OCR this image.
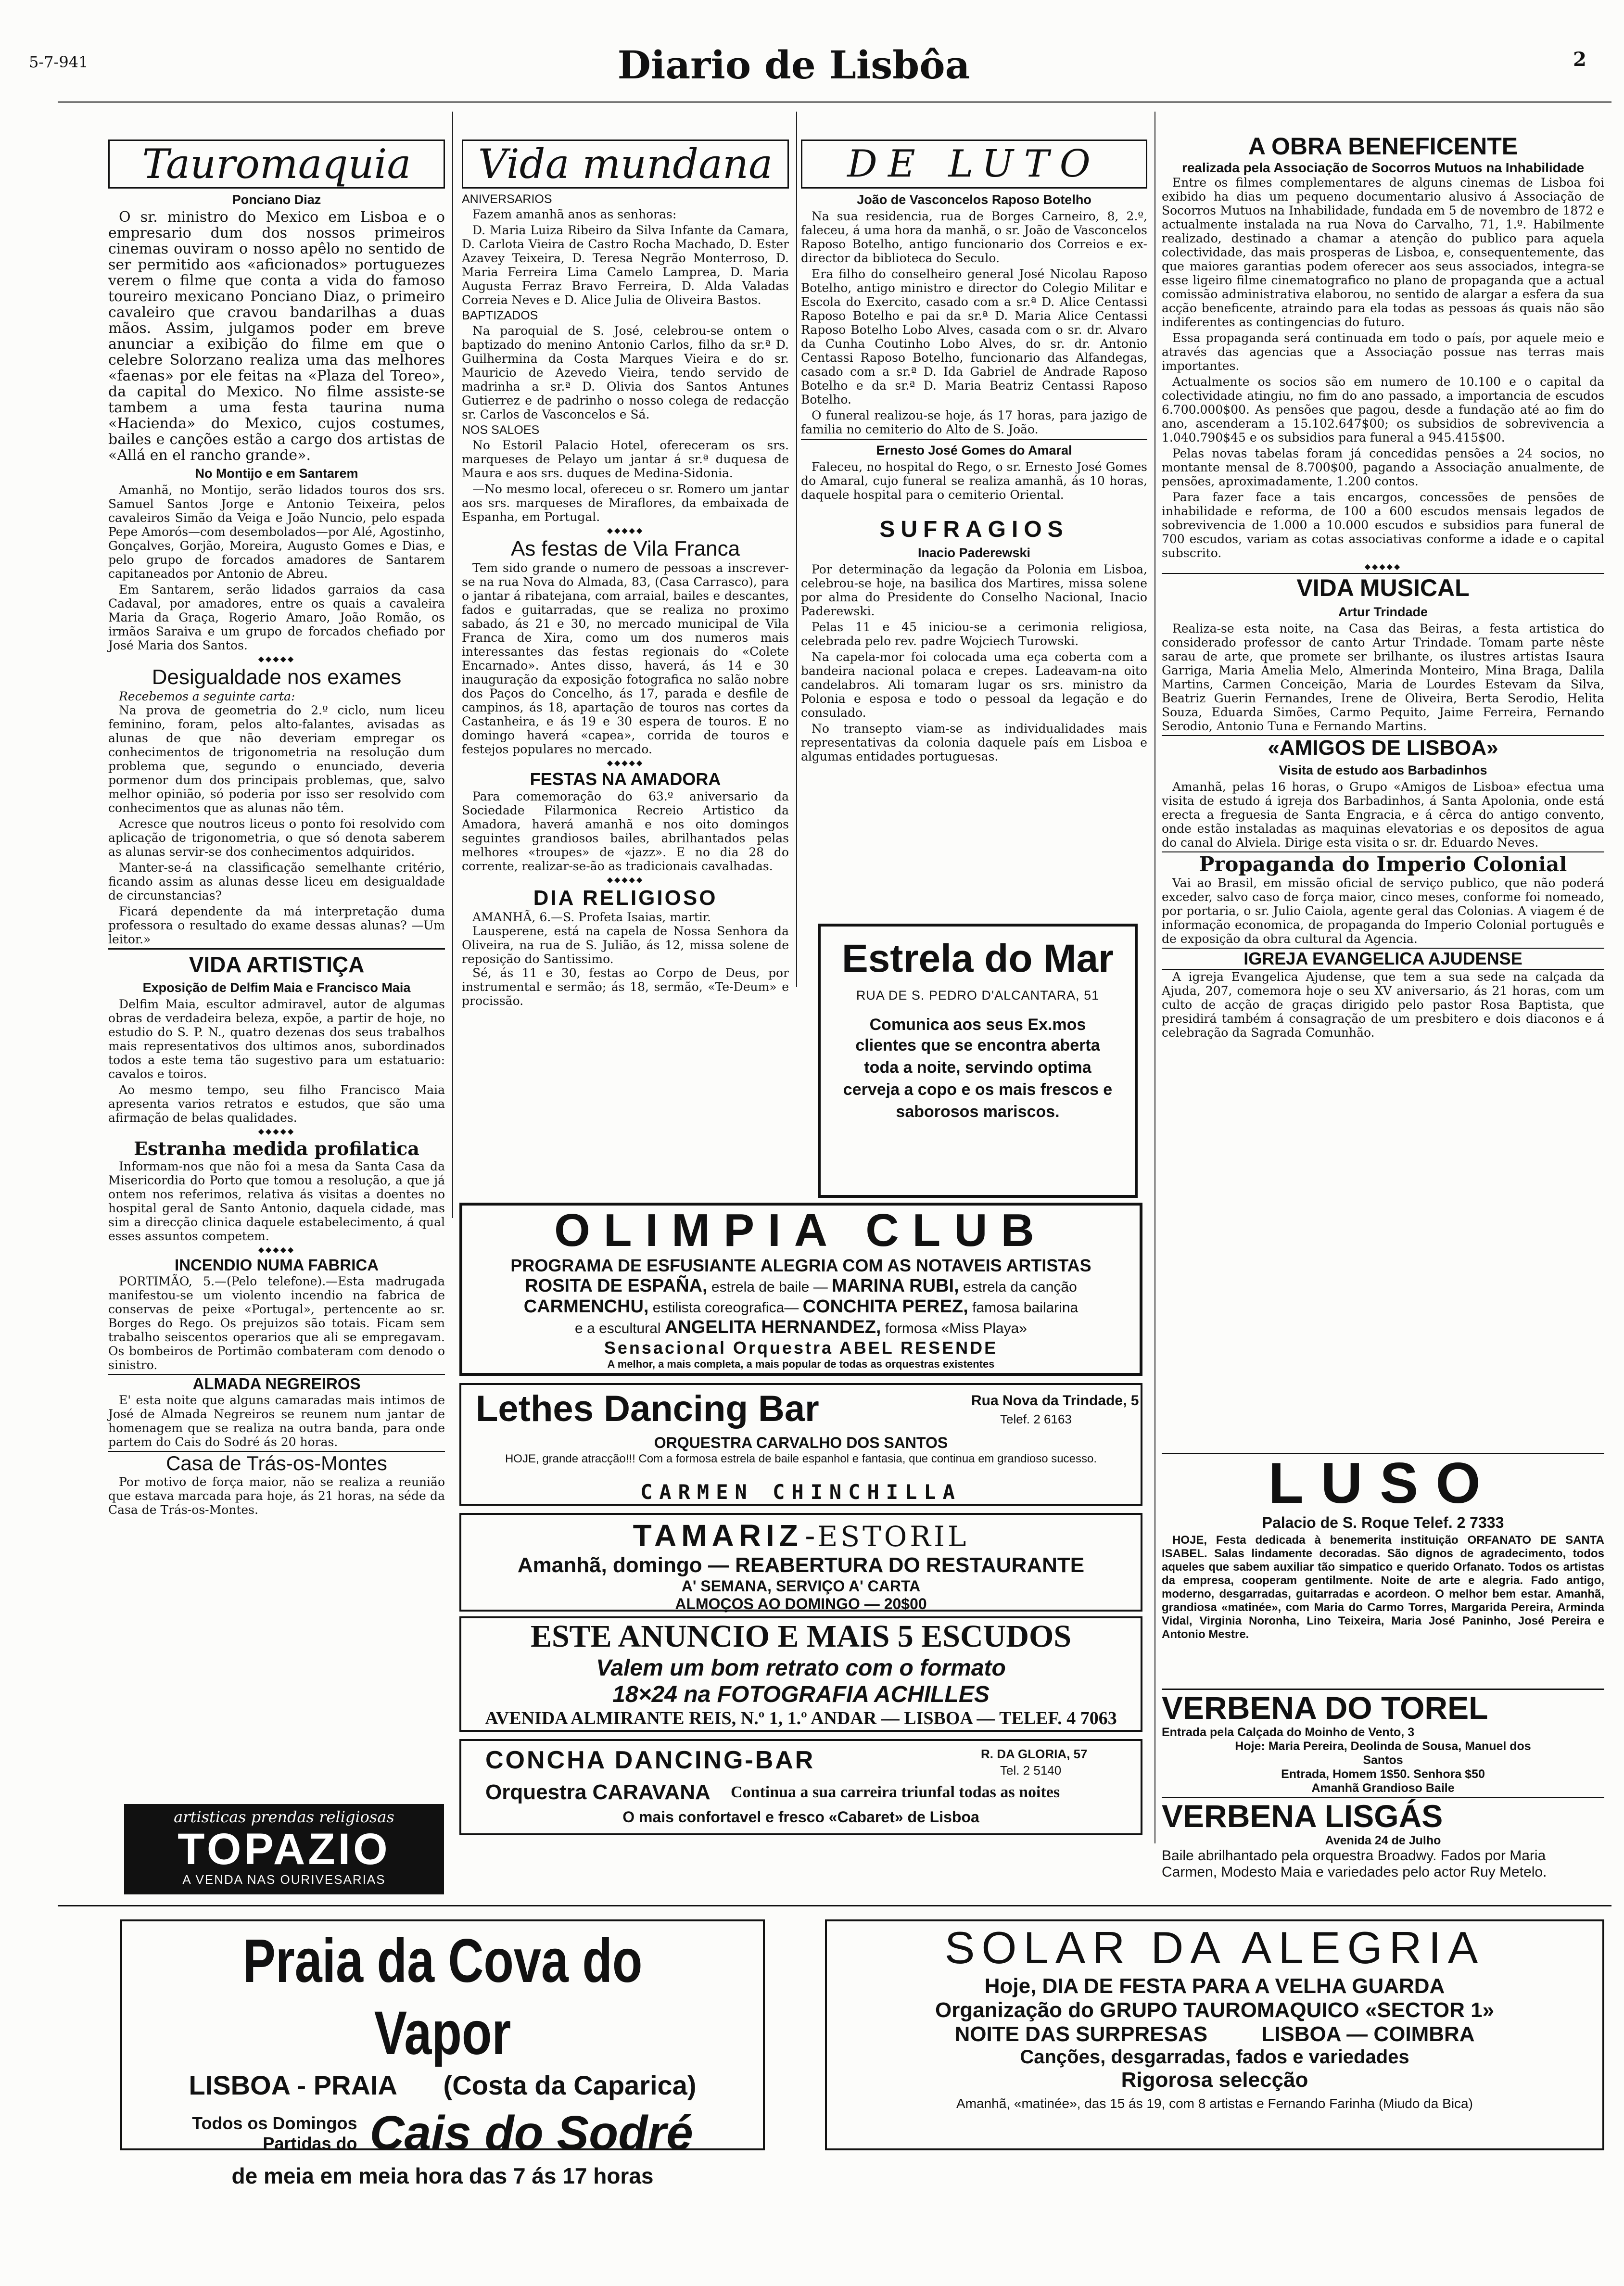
5-7-941	Diario de Lisbôa	2
Tauromaquia
Ponciano Diaz

O sr. ministro do Mexico em Lisboa e o empresario dum dos nossos primeiros cinemas ouviram o nosso apêlo no sentido de ser permitido aos «aficionados» portuguezes verem o filme que conta a vida do famoso toureiro mexicano Ponciano Diaz, o primeiro cavaleiro que cravou bandarilhas a duas mãos. Assim, julgamos poder em breve anunciar a exibição do filme em que o celebre Solorzano realiza uma das melhores «faenas» por ele feitas na «Plaza del Toreo», da capital do Mexico. No filme assiste-se tambem a uma festa taurina numa «Hacienda» do Mexico, cujos costumes, bailes e canções estão a cargo dos artistas de «Allá en el rancho grande».

No Montijo e em Santarem

Amanhã, no Montijo, serão lidados touros dos srs. Samuel Santos Jorge e Antonio Teixeira, pelos cavaleiros Simão da Veiga e João Nuncio, pelo espada Pepe Amorós—com desembolados—por Alé, Agostinho, Gonçalves, Gorjão, Moreira, Augusto Gomes e Dias, e pelo grupo de forcados amadores de Santarem capitaneados por Antonio de Abreu.

Em Santarem, serão lidados garraios da casa Cadaval, por amadores, entre os quais a cavaleira Maria da Graça, Rogerio Amaro, João Romão, os irmãos Saraiva e um grupo de forcados chefiado por José Maria dos Santos.

◆◆◆◆◆
Desigualdade nos exames

Recebemos a seguinte carta:

Na prova de geometria do 2.º ciclo, num liceu feminino, foram, pelos alto-falantes, avisadas as alunas de que não deveriam empregar os conhecimentos de trigonometria na resolução dum problema que, segundo o enunciado, deveria pormenor dum dos principais problemas, que, salvo melhor opinião, só poderia por isso ser resolvido com conhecimentos que as alunas não têm.

Acresce que noutros liceus o ponto foi resolvido com aplicação de trigonometria, o que só denota saberem as alunas servir-se dos conhecimentos adquiridos.

Manter-se-á na classificação semelhante critério, ficando assim as alunas desse liceu em desigualdade de circunstancias?

Ficará dependente da má interpretação duma professora o resultado do exame dessas alunas? —Um leitor.»

VIDA ARTISTIÇA
Exposição de Delfim Maia e Francisco Maia

Delfim Maia, escultor admiravel, autor de algumas obras de verdadeira beleza, expõe, a partir de hoje, no estudio do S. P. N., quatro dezenas dos seus trabalhos mais representativos dos ultimos anos, subordinados todos a este tema tão sugestivo para um estatuario: cavalos e toiros.

Ao mesmo tempo, seu filho Francisco Maia apresenta varios retratos e estudos, que são uma afirmação de belas qualidades.

◆◆◆◆◆
Estranha medida profilatica

Informam-nos que não foi a mesa da Santa Casa da Misericordia do Porto que tomou a resolução, a que já ontem nos referimos, relativa ás visitas a doentes no hospital geral de Santo Antonio, daquela cidade, mas sim a direcção clinica daquele estabelecimento, á qual esses assuntos competem.

◆◆◆◆◆
INCENDIO NUMA FABRICA

PORTIMÃO, 5.—(Pelo telefone).—Esta madrugada manifestou-se um violento incendio na fabrica de conservas de peixe «Portugal», pertencente ao sr. Borges do Rego. Os prejuizos são totais. Ficam sem trabalho seiscentos operarios que ali se empregavam. Os bombeiros de Portimão combateram com denodo o sinistro.

ALMADA NEGREIROS

E' esta noite que alguns camaradas mais intimos de José de Almada Negreiros se reunem num jantar de homenagem que se realiza na outra banda, para onde partem do Cais do Sodré ás 20 horas.

Casa de Trás-os-Montes

Por motivo de força maior, não se realiza a reunião que estava marcada para hoje, ás 21 horas, na séde da Casa de Trás-os-Montes.

artisticas prendas religiosas
TOPAZIO
A VENDA NAS OURIVESARIAS
Vida mundana
ANIVERSARIOS

Fazem amanhã anos as senhoras:

D. Maria Luiza Ribeiro da Silva Infante da Camara, D. Carlota Vieira de Castro Rocha Machado, D. Ester Azavey Teixeira, D. Teresa Negrão Monterroso, D. Maria Ferreira Lima Camelo Lamprea, D. Maria Augusta Ferraz Bravo Ferreira, D. Alda Valadas Correia Neves e D. Alice Julia de Oliveira Bastos.

BAPTIZADOS

Na paroquial de S. José, celebrou-se ontem o baptizado do menino Antonio Carlos, filho da sr.ª D. Guilhermina da Costa Marques Vieira e do sr. Mauricio de Azevedo Vieira, tendo servido de madrinha a sr.ª D. Olivia dos Santos Antunes Gutierrez e de padrinho o nosso colega de redacção sr. Carlos de Vasconcelos e Sá.

NOS SALOES

No Estoril Palacio Hotel, ofereceram os srs. marqueses de Pelayo um jantar á sr.ª duquesa de Maura e aos srs. duques de Medina-Sidonia.

—No mesmo local, ofereceu o sr. Romero um jantar aos srs. marqueses de Miraflores, da embaixada de Espanha, em Portugal.

◆◆◆◆◆
As festas de Vila Franca

Tem sido grande o numero de pessoas a inscrever-se na rua Nova do Almada, 83, (Casa Carrasco), para o jantar á ribatejana, com arraial, bailes e descantes, fados e guitarradas, que se realiza no proximo sabado, ás 21 e 30, no mercado municipal de Vila Franca de Xira, como um dos numeros mais interessantes das festas regionais do «Colete Encarnado». Antes disso, haverá, ás 14 e 30 inauguração da exposição fotografica no salão nobre dos Paços do Concelho, ás 17, parada e desfile de campinos, ás 18, apartação de touros nas cortes da Castanheira, e ás 19 e 30 espera de touros. E no domingo haverá «capea», corrida de touros e festejos populares no mercado.

◆◆◆◆◆
FESTAS NA AMADORA

Para comemoração do 63.º aniversario da Sociedade Filarmonica Recreio Artistico da Amadora, haverá amanhã e nos oito domingos seguintes grandiosos bailes, abrilhantados pelas melhores «troupes» de «jazz». E no dia 28 do corrente, realizar-se-ão as tradicionais cavalhadas.

◆◆◆◆◆
DIA RELIGIOSO

AMANHÃ, 6.—S. Profeta Isaias, martir.

Lausperene, está na capela de Nossa Senhora da Oliveira, na rua de S. Julião, ás 12, missa solene de reposição do Santissimo.

Sé, ás 11 e 30, festas ao Corpo de Deus, por instrumental e sermão; ás 18, sermão, «Te-Deum» e procissão.

DE LUTO
João de Vasconcelos Raposo Botelho

Na sua residencia, rua de Borges Carneiro, 8, 2.º, faleceu, á uma hora da manhã, o sr. João de Vasconcelos Raposo Botelho, antigo funcionario dos Correios e ex-director da biblioteca do Seculo.

Era filho do conselheiro general José Nicolau Raposo Botelho, antigo ministro e director do Colegio Militar e Escola do Exercito, casado com a sr.ª D. Alice Centassi Raposo Botelho e pai da sr.ª D. Maria Alice Centassi Raposo Botelho Lobo Alves, casada com o sr. dr. Alvaro da Cunha Coutinho Lobo Alves, do sr. dr. Antonio Centassi Raposo Botelho, funcionario das Alfandegas, casado com a sr.ª D. Ida Gabriel de Andrade Raposo Botelho e da sr.ª D. Maria Beatriz Centassi Raposo Botelho.

O funeral realizou-se hoje, ás 17 horas, para jazigo de familia no cemiterio do Alto de S. João.

Ernesto José Gomes do Amaral

Faleceu, no hospital do Rego, o sr. Ernesto José Gomes do Amaral, cujo funeral se realiza amanhã, ás 10 horas, daquele hospital para o cemiterio Oriental.

SUFRAGIOS
Inacio Paderewski

Por determinação da legação da Polonia em Lisboa, celebrou-se hoje, na basilica dos Martires, missa solene por alma do Presidente do Conselho Nacional, Inacio Paderewski.

Pelas 11 e 45 iniciou-se a cerimonia religiosa, celebrada pelo rev. padre Wojciech Turowski.

Na capela-mor foi colocada uma eça coberta com a bandeira nacional polaca e crepes. Ladeavam-na oito candelabros. Ali tomaram lugar os srs. ministro da Polonia e esposa e todo o pessoal da legação e do consulado.

No transepto viam-se as individualidades mais representativas da colonia daquele país em Lisboa e algumas entidades portuguesas.

Estrela do Mar
RUA DE S. PEDRO D'ALCANTARA, 51
Comunica aos seus Ex.mos
clientes que se encontra aberta toda a noite, servindo optima cerveja a copo e os mais frescos e saborosos mariscos.
A OBRA BENEFICENTE
realizada pela Associação de Socorros Mutuos na Inhabilidade

Entre os filmes complementares de alguns cinemas de Lisboa foi exibido ha dias um pequeno documentario alusivo á Associação de Socorros Mutuos na Inhabilidade, fundada em 5 de novembro de 1872 e actualmente instalada na rua Nova do Carvalho, 71, 1.º. Habilmente realizado, destinado a chamar a atenção do publico para aquela colectividade, das mais prosperas de Lisboa, e, consequentemente, das que maiores garantias podem oferecer aos seus associados, integra-se esse ligeiro filme cinematografico no plano de propaganda que a actual comissão administrativa elaborou, no sentido de alargar a esfera da sua acção beneficente, atraindo para ela todas as pessoas ás quais não são indiferentes as contingencias do futuro.

Essa propaganda será continuada em todo o país, por aquele meio e através das agencias que a Associação possue nas terras mais importantes.

Actualmente os socios são em numero de 10.100 e o capital da colectividade atingiu, no fim do ano passado, a importancia de escudos 6.700.000$00. As pensões que pagou, desde a fundação até ao fim do ano, ascenderam a 15.102.647$00; os subsidios de sobrevivencia a 1.040.790$45 e os subsidios para funeral a 945.415$00.

Pelas novas tabelas foram já concedidas pensões a 24 socios, no montante mensal de 8.700$00, pagando a Associação anualmente, de pensões, aproximadamente, 1.200 contos.

Para fazer face a tais encargos, concessões de pensões de inhabilidade e reforma, de 100 a 600 escudos mensais legados de sobrevivencia de 1.000 a 10.000 escudos e subsidios para funeral de 700 escudos, variam as cotas associativas conforme a idade e o capital subscrito.

◆◆◆◆◆
VIDA MUSICAL
Artur Trindade

Realiza-se esta noite, na Casa das Beiras, a festa artistica do considerado professor de canto Artur Trindade. Tomam parte nêste sarau de arte, que promete ser brilhante, os ilustres artistas Isaura Garriga, Maria Amelia Melo, Almerinda Monteiro, Mina Braga, Dalila Martins, Carmen Conceição, Maria de Lourdes Estevam da Silva, Beatriz Guerin Fernandes, Irene de Oliveira, Berta Serodio, Helita Souza, Eduarda Simões, Carmo Pequito, Jaime Ferreira, Fernando Serodio, Antonio Tuna e Fernando Martins.

«AMIGOS DE LISBOA»
Visita de estudo aos Barbadinhos

Amanhã, pelas 16 horas, o Grupo «Amigos de Lisboa» efectua uma visita de estudo á igreja dos Barbadinhos, á Santa Apolonia, onde está erecta a freguesia de Santa Engracia, e á cêrca do antigo convento, onde estão instaladas as maquinas elevatorias e os depositos de agua do canal do Alviela. Dirige esta visita o sr. dr. Eduardo Neves.

Propaganda do Imperio Colonial

Vai ao Brasil, em missão oficial de serviço publico, que não poderá exceder, salvo caso de força maior, cinco meses, conforme foi nomeado, por portaria, o sr. Julio Caiola, agente geral das Colonias. A viagem é de informação economica, de propaganda do Imperio Colonial português e de exposição da obra cultural da Agencia.

IGREJA EVANGELICA AJUDENSE

A igreja Evangelica Ajudense, que tem a sua sede na calçada da Ajuda, 207, comemora hoje o seu XV aniversario, ás 21 horas, com um culto de acção de graças dirigido pelo pastor Rosa Baptista, que presidirá também á consagração de um presbitero e dois diaconos e á celebração da Sagrada Comunhão.

LUSO
Palacio de S. Roque Telef. 2 7333

HOJE, Festa dedicada à benemerita instituição ORFANATO DE SANTA ISABEL. Salas lindamente decoradas. São dignos de agradecimento, todos aqueles que sabem auxiliar tão simpatico e querido Orfanato. Todos os artistas da empresa, cooperam gentilmente. Noite de arte e alegria. Fado antigo, moderno, desgarradas, guitarradas e acordeon. O melhor bem estar. Amanhã, grandiosa «matinée», com Maria do Carmo Torres, Margarida Pereira, Arminda Vidal, Virginia Noronha, Lino Teixeira, Maria José Paninho, José Pereira e Antonio Mestre.

VERBENA DO TOREL
Entrada pela Calçada do Moinho de Vento, 3
Hoje: Maria Pereira, Deolinda de Sousa, Manuel dos Santos
Entrada, Homem 1$50. Senhora $50
Amanhã Grandioso Baile
VERBENA LISGÁS
Avenida 24 de Julho
Baile abrilhantado pela orquestra Broadwy. Fados por Maria Carmen, Modesto Maia e variedades pelo actor Ruy Metelo.
OLIMPIA CLUB
PROGRAMA DE ESFUSIANTE ALEGRIA COM AS NOTAVEIS ARTISTAS
ROSITA DE ESPAÑA, estrela de baile — MARINA RUBI, estrela da canção
CARMENCHU, estilista coreografica— CONCHITA PEREZ, famosa bailarina
e a escultural ANGELITA HERNANDEZ, formosa «Miss Playa»
Sensacional Orquestra ABEL RESENDE
A melhor, a mais completa, a mais popular de todas as orquestras existentes
Lethes Dancing Bar	Rua Nova da Trindade, 5
Telef. 2 6163
ORQUESTRA CARVALHO DOS SANTOS
HOJE, grande atracção!!! Com a formosa estrela de baile espanhol e fantasia, que continua em grandioso sucesso.
CARMEN CHINCHILLA
TAMARIZ - ESTORIL
Amanhã, domingo — REABERTURA DO RESTAURANTE
A' SEMANA, SERVIÇO A' CARTA
ALMOÇOS AO DOMINGO — 20$00
ESTE ANUNCIO E MAIS 5 ESCUDOS
Valem um bom retrato com o formato
18×24 na FOTOGRAFIA ACHILLES
AVENIDA ALMIRANTE REIS, N.º 1, 1.º ANDAR — LISBOA — TELEF. 4 7063
CONCHA DANCING-BAR	R. DA GLORIA, 57
Tel. 2 5140
Orquestra CARAVANA Continua a sua carreira triunfal todas as noites
O mais confortavel e fresco «Cabaret» de Lisboa
Praia da Cova do Vapor
LISBOA - PRAIA (Costa da Caparica)
Todos os Domingos
Partidas do Cais do Sodré
de meia em meia hora das 7 ás 17 horas
SOLAR DA ALEGRIA
Hoje, DIA DE FESTA PARA A VELHA GUARDA
Organização do GRUPO TAUROMAQUICO «SECTOR 1»
NOITE DAS SURPRESAS	LISBOA — COIMBRA
Canções, desgarradas, fados e variedades
Rigorosa selecção
Amanhã, «matinée», das 15 ás 19, com 8 artistas e Fernando Farinha (Miudo da Bica)
